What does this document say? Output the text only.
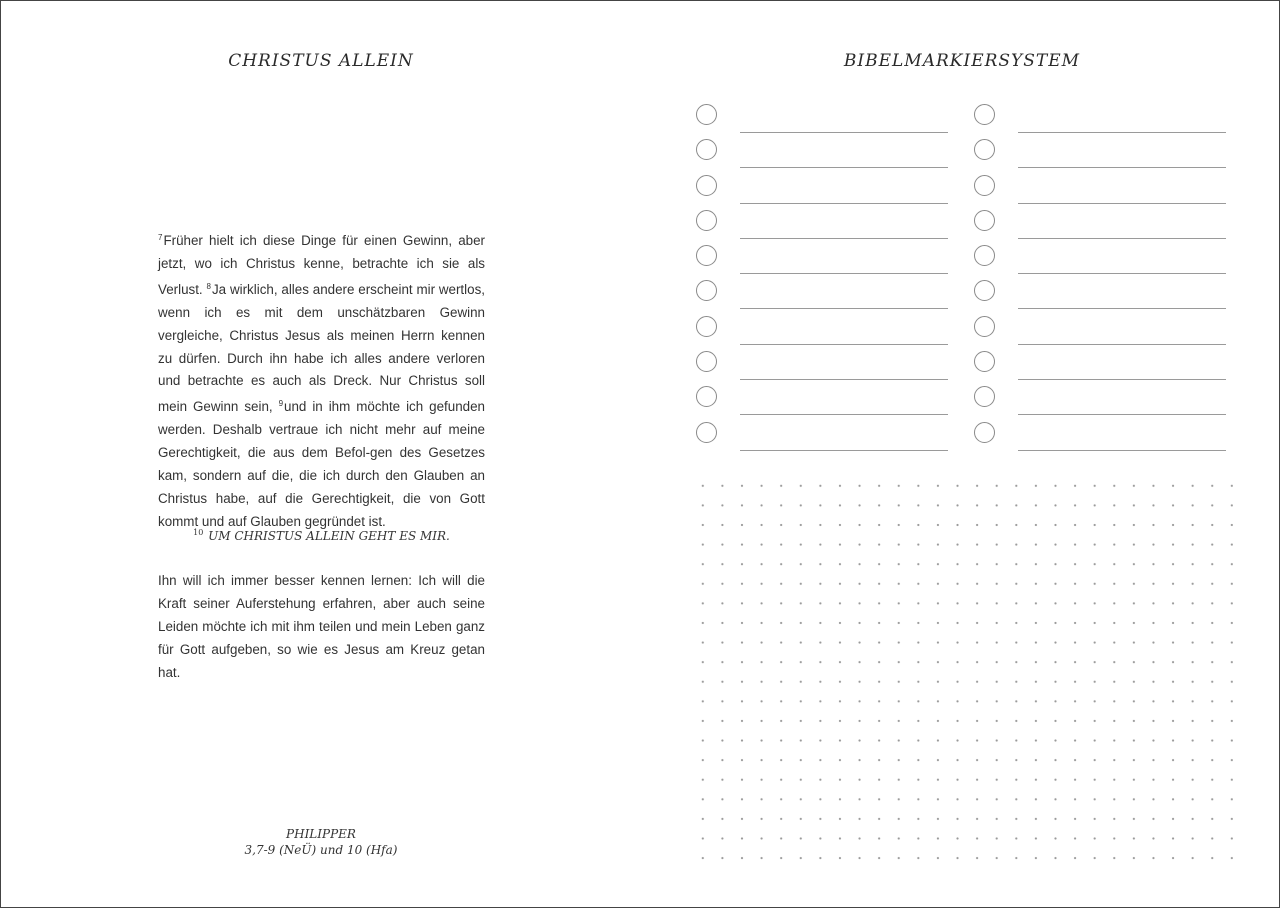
CHRISTUS ALLEIN
$^7$Früher hielt ich diese Dinge für einen Gewinn, aber jetzt, wo ich Christus kenne, betrachte ich sie als Verlust. $^8$Ja wirklich, alles andere erscheint mir wertlos, wenn ich es mit dem unschätzbaren Gewinn vergleiche, Christus Jesus als meinen Herrn kennen zu dürfen. Durch ihn habe ich alles andere verloren und betrachte es auch als Dreck. Nur Christus soll mein Gewinn sein, $^9$und in ihm möchte ich gefunden werden. Deshalb vertraue ich nicht mehr auf meine Gerechtigkeit, die aus dem Befol-gen des Gesetzes kam, sondern auf die, die ich durch den Glauben an Christus habe, auf die Gerechtigkeit, die von Gott kommt und auf Glauben gegründet ist.
$^{10}$ UM CHRISTUS ALLEIN GEHT ES MIR.
Ihn will ich immer besser kennen lernen: Ich will die Kraft seiner Auferstehung erfahren, aber auch seine Leiden möchte ich mit ihm teilen und mein Leben ganz für Gott aufgeben, so wie es Jesus am Kreuz getan hat.
PHILIPPER
3,7-9 (NeÜ) und 10 (Hfa)
BIBELMARKIERSYSTEM
